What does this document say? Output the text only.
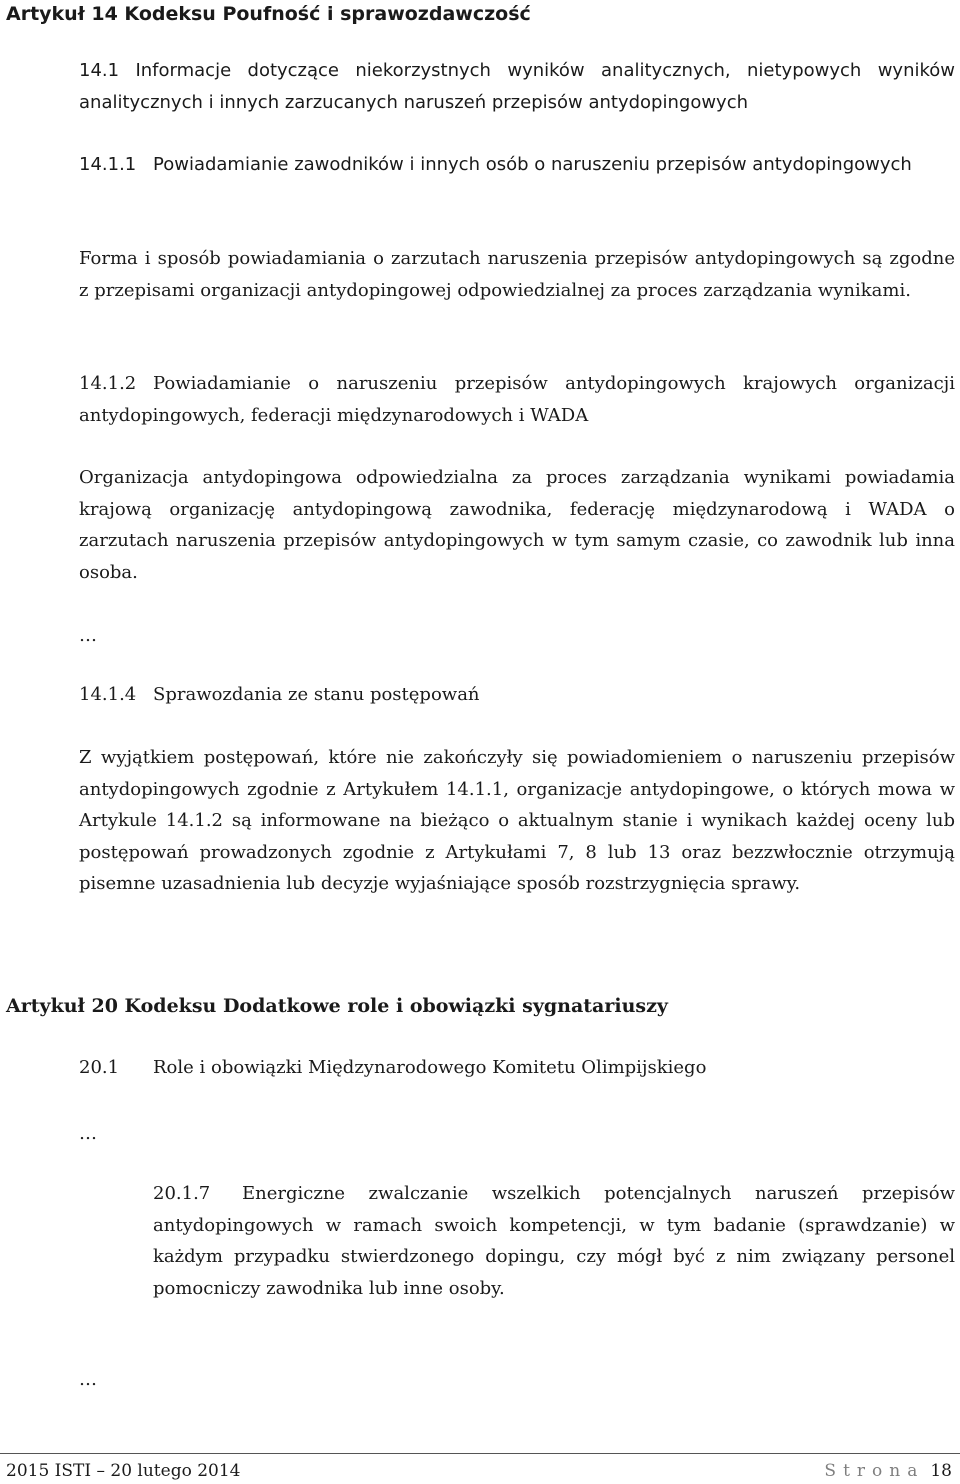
Artykuł 14 Kodeksu Poufność i sprawozdawczość

14.1 Informacje dotyczące niekorzystnych wyników analitycznych, nietypowych wyników analitycznych i innych zarzucanych naruszeń przepisów antydopingowych

14.1.1 Powiadamianie zawodników i innych osób o naruszeniu przepisów antydopingowych

Forma i sposób powiadamiania o zarzutach naruszenia przepisów antydopingowych są zgodne z przepisami organizacji antydopingowej odpowiedzialnej za proces zarządzania wynikami.

14.1.2 Powiadamianie o naruszeniu przepisów antydopingowych krajowych organizacji antydopingowych, federacji międzynarodowych i WADA

Organizacja antydopingowa odpowiedzialna za proces zarządzania wynikami powiadamia krajową organizację antydopingową zawodnika, federację międzynarodową i WADA o zarzutach naruszenia przepisów antydopingowych w tym samym czasie, co zawodnik lub inna osoba.

…

14.1.4 Sprawozdania ze stanu postępowań

Z wyjątkiem postępowań, które nie zakończyły się powiadomieniem o naruszeniu przepisów antydopingowych zgodnie z Artykułem 14.1.1, organizacje antydopingowe, o których mowa w Artykule 14.1.2 są informowane na bieżąco o aktualnym stanie i wynikach każdej oceny lub postępowań prowadzonych zgodnie z Artykułami 7, 8 lub 13 oraz bezzwłocznie otrzymują pisemne uzasadnienia lub decyzje wyjaśniające sposób rozstrzygnięcia sprawy.

Artykuł 20 Kodeksu Dodatkowe role i obowiązki sygnatariuszy

20.1 Role i obowiązki Międzynarodowego Komitetu Olimpijskiego

…

20.1.7 Energiczne zwalczanie wszelkich potencjalnych naruszeń przepisów antydopingowych w ramach swoich kompetencji, w tym badanie (sprawdzanie) w każdym przypadku stwierdzonego dopingu, czy mógł być z nim związany personel pomocniczy zawodnika lub inne osoby.

…

2015 ISTI – 20 lutego 2014	Strona 18
